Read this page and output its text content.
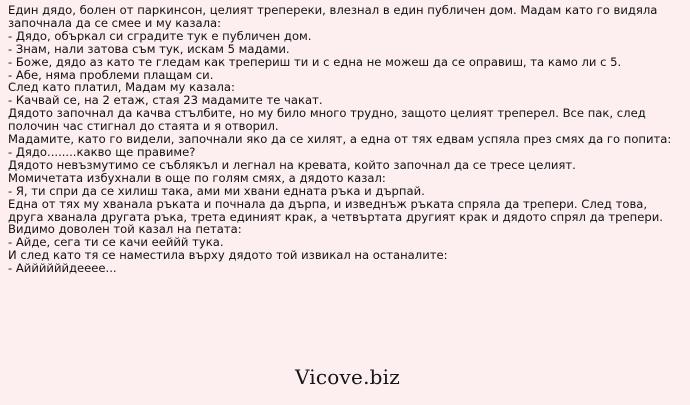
Един дядо, болен от паркинсон, целият трепереки, влезнал в един публичен дом. Мадам като го видяла започнала да се смее и му казала:

- Дядо, объркал си сградите тук е публичен дом.

- Знам, нали затова съм тук, искам 5 мадами.

- Боже, дядо аз като те гледам как трепериш ти и с една не можеш да се оправиш, та камо ли с 5.

- Абе, няма проблеми плащам си.

След като платил, Мадам му казала:

- Качвай се, на 2 етаж, стая 23 мадамите те чакат.

Дядото започнал да качва стълбите, но му било много трудно, защото целият треперел. Все пак, след полочин час стигнал до стаята и я отворил.

Мадамите, като го видели, започнали яко да се хилят, а една от тях едвам успяла през смях да го попита:

- Дядо........какво ще правиме?

Дядото невъзмутимо се съблякъл и легнал на кревата, който започнал да се тресе целият.

Момичетата избухнали в още по голям смях, а дядото казал:

- Я, ти спри да се хилиш така, ами ми хвани едната ръка и дърпай.

Една от тях му хванала ръката и почнала да дърпа, и изведнъж ръката спряла да трепери. След това, друга хванала другата ръка, трета единият крак, а четвъртата другият крак и дядото спрял да трепери. Видимо доволен той казал на петата:

- Айде, сега ти се качи ееййй тука.

И след като тя се наместила върху дядото той извикал на останалите:

- Аййййййдееее...

Vicove.biz
